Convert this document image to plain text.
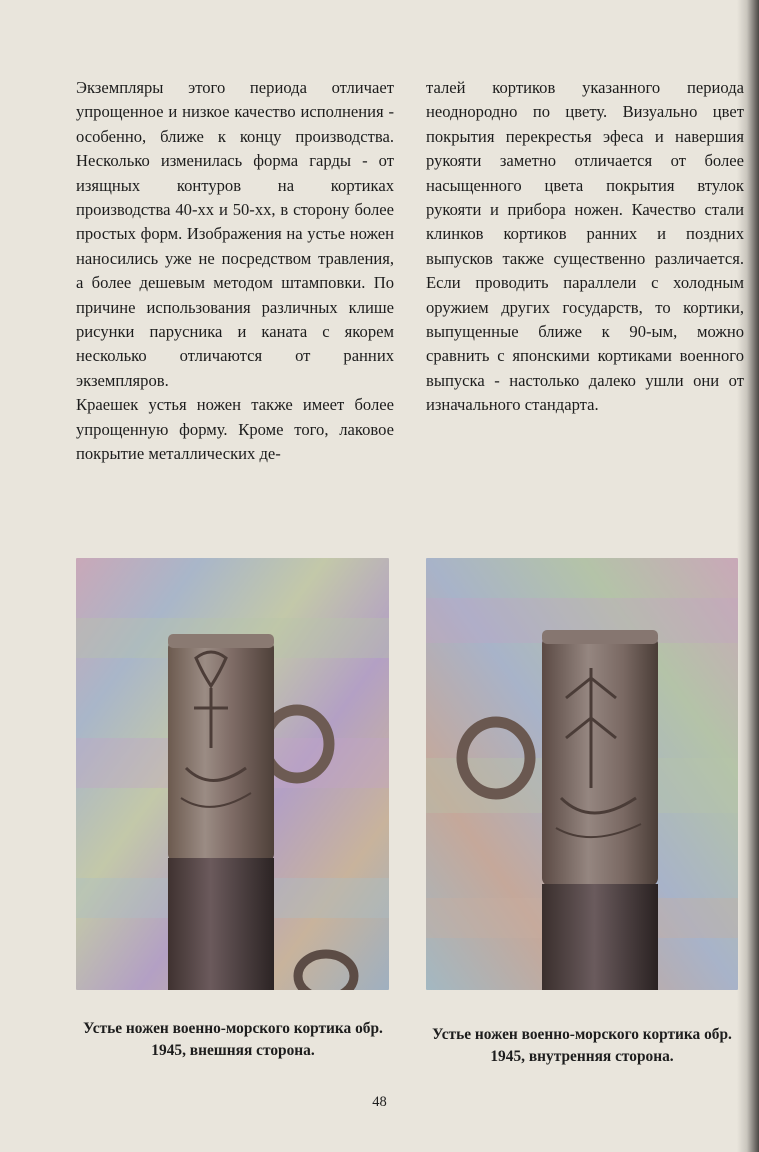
Экземпляры этого периода отличает упрощенное и низкое качество исполнения - особенно, ближе к концу производства. Несколько изменилась форма гарды - от изящных контуров на кортиках производства 40-хх и 50-хх, в сторону более простых форм. Изображения на устье ножен наносились уже не посредством травления, а более дешевым методом штамповки. По причине использования различных клише рисунки парусника и каната с якорем несколько отличаются от ранних экземпляров.

Краешек устья ножен также имеет более упрощенную форму. Кроме того, лаковое покрытие металлических де-

талей кортиков указанного периода неоднородно по цвету. Визуально цвет покрытия перекрестья эфеса и навершия рукояти заметно отличается от более насыщенного цвета покрытия втулок рукояти и прибора ножен. Качество стали клинков кортиков ранних и поздних выпусков также существенно различается. Если проводить параллели с холодным оружием других государств, то кортики, выпущенные ближе к 90-ым, можно сравнить с японскими кортиками военного выпуска - настолько далеко ушли они от изначального стандарта.

Устье ножен военно-морского кортика обр. 1945, внешняя сторона.
Устье ножен военно-морского кортика обр. 1945, внутренняя сторона.
48
